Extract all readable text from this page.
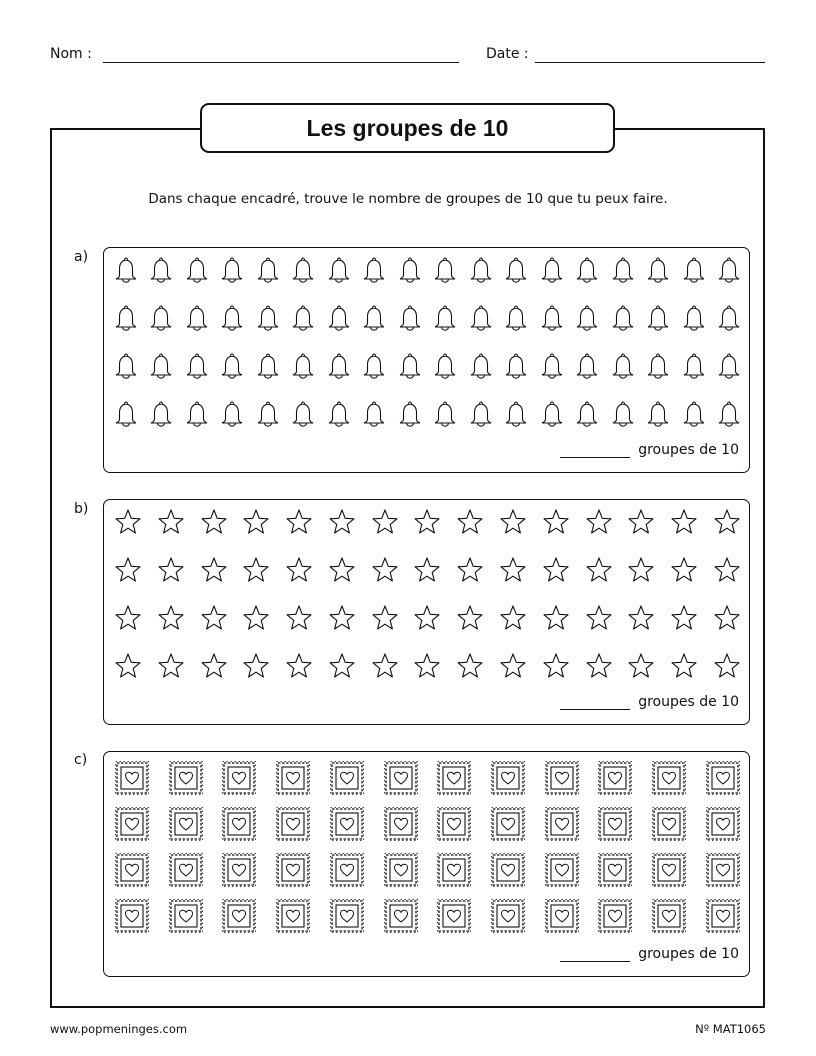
Nom :	Date :
Les groupes de 10
Dans chaque encadré, trouve le nombre de groupes de 10 que tu peux faire.
a)
groupes de 10
b)
groupes de 10
c)
groupes de 10
www.popmeninges.com	Nº MAT1065
